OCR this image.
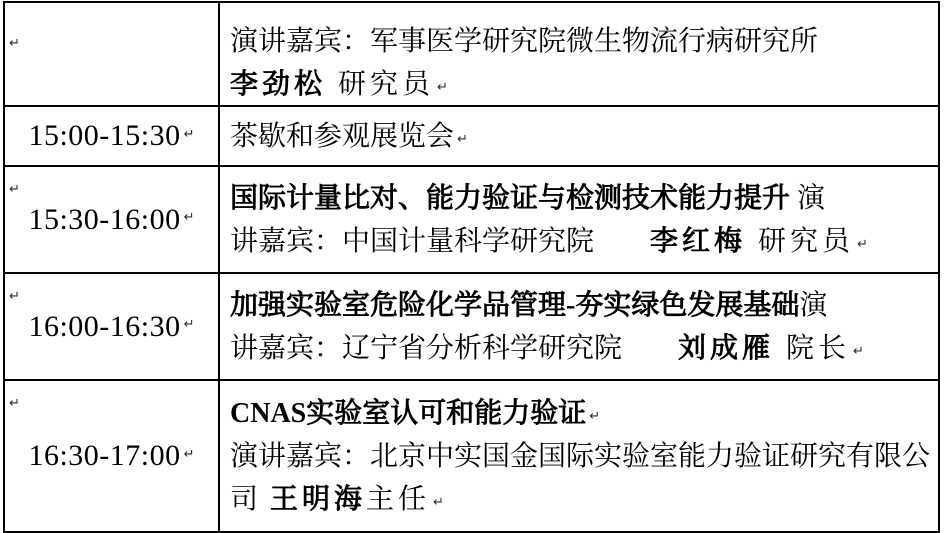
↵	演讲嘉宾：军事医学研究院微生物流行病研究所
李劲松 研究员 ↵
15:00-15:30 ↵ 茶歇和参观展览会 ↵
↵
15:30-16:00 ↵
国际计量比对、能力验证与检测技术能力提升 演
讲嘉宾：中国计量科学研究院　　李红梅 研究员 ↵
↵
16:00-16:30 ↵
加强实验室危险化学品管理-夯实绿色发展基础演
讲嘉宾：辽宁省分析科学研究院　　刘成雁 院长 ↵
↵
16:30-17:00 ↵
CNAS实验室认可和能力验证 ↵
演讲嘉宾：北京中实国金国际实验室能力验证研究有限公
司 王明海主任 ↵
